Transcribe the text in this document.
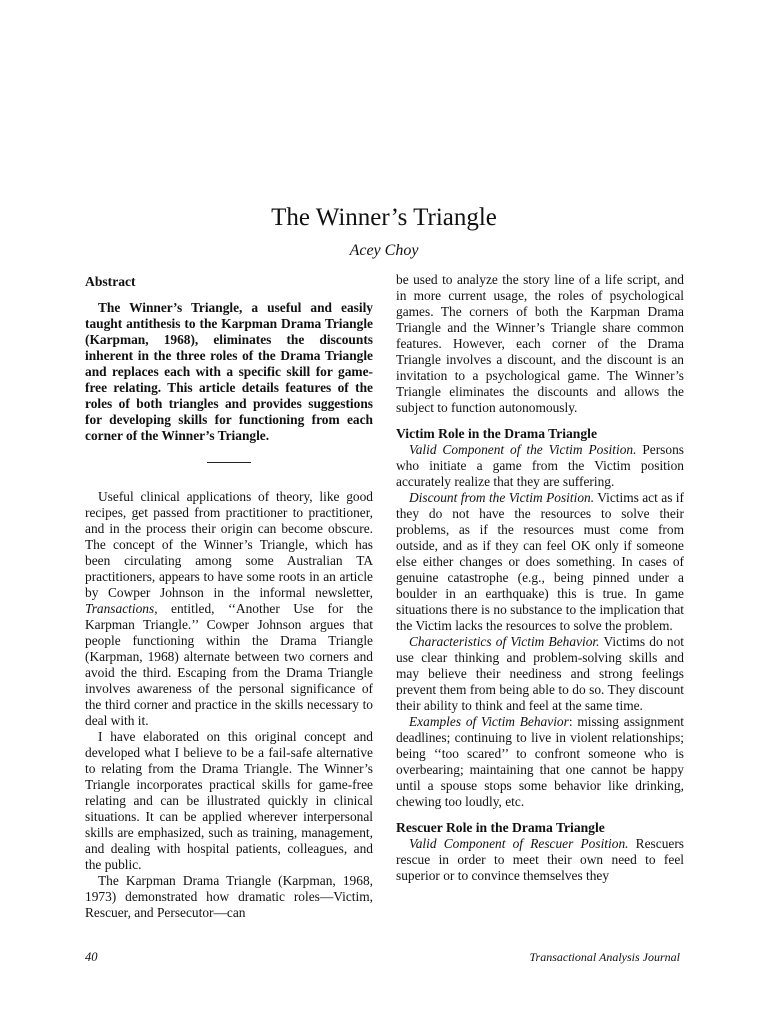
The Winner’s Triangle
Acey Choy
Abstract

The Winner’s Triangle, a useful and easily taught antithesis to the Karpman Drama Triangle (Karpman, 1968), eliminates the discounts inherent in the three roles of the Drama Triangle and replaces each with a specific skill for game-free relating. This article details features of the roles of both triangles and provides suggestions for developing skills for functioning from each corner of the Winner’s Triangle.

Useful clinical applications of theory, like good recipes, get passed from practitioner to practitioner, and in the process their origin can become obscure. The concept of the Winner’s Triangle, which has been circulating among some Australian TA practitioners, appears to have some roots in an article by Cowper Johnson in the informal newsletter, Transactions, entitled, ‘‘Another Use for the Karpman Triangle.’’ Cowper Johnson argues that people functioning within the Drama Triangle (Karpman, 1968) alternate between two corners and avoid the third. Escaping from the Drama Triangle involves awareness of the personal significance of the third corner and practice in the skills necessary to deal with it.

I have elaborated on this original concept and developed what I believe to be a fail-safe alternative to relating from the Drama Triangle. The Winner’s Triangle incorporates practical skills for game-free relating and can be illustrated quickly in clinical situations. It can be applied wherever interpersonal skills are emphasized, such as training, management, and dealing with hospital patients, colleagues, and the public.

The Karpman Drama Triangle (Karpman, 1968, 1973) demonstrated how dramatic roles—Victim, Rescuer, and Persecutor—can

be used to analyze the story line of a life script, and in more current usage, the roles of psychological games. The corners of both the Karpman Drama Triangle and the Winner’s Triangle share common features. However, each corner of the Drama Triangle involves a discount, and the discount is an invitation to a psychological game. The Winner’s Triangle eliminates the discounts and allows the subject to function autonomously.

Victim Role in the Drama Triangle

Valid Component of the Victim Position. Persons who initiate a game from the Victim position accurately realize that they are suffering.

Discount from the Victim Position. Victims act as if they do not have the resources to solve their problems, as if the resources must come from outside, and as if they can feel OK only if someone else either changes or does something. In cases of genuine catastrophe (e.g., being pinned under a boulder in an earthquake) this is true. In game situations there is no substance to the implication that the Victim lacks the resources to solve the problem.

Characteristics of Victim Behavior. Victims do not use clear thinking and problem-solving skills and may believe their neediness and strong feelings prevent them from being able to do so. They discount their ability to think and feel at the same time.

Examples of Victim Behavior: missing assignment deadlines; continuing to live in violent relationships; being ‘‘too scared’’ to confront someone who is overbearing; maintaining that one cannot be happy until a spouse stops some behavior like drinking, chewing too loudly, etc.

Rescuer Role in the Drama Triangle

Valid Component of Rescuer Position. Rescuers rescue in order to meet their own need to feel superior or to convince themselves they

40	Transactional Analysis Journal
